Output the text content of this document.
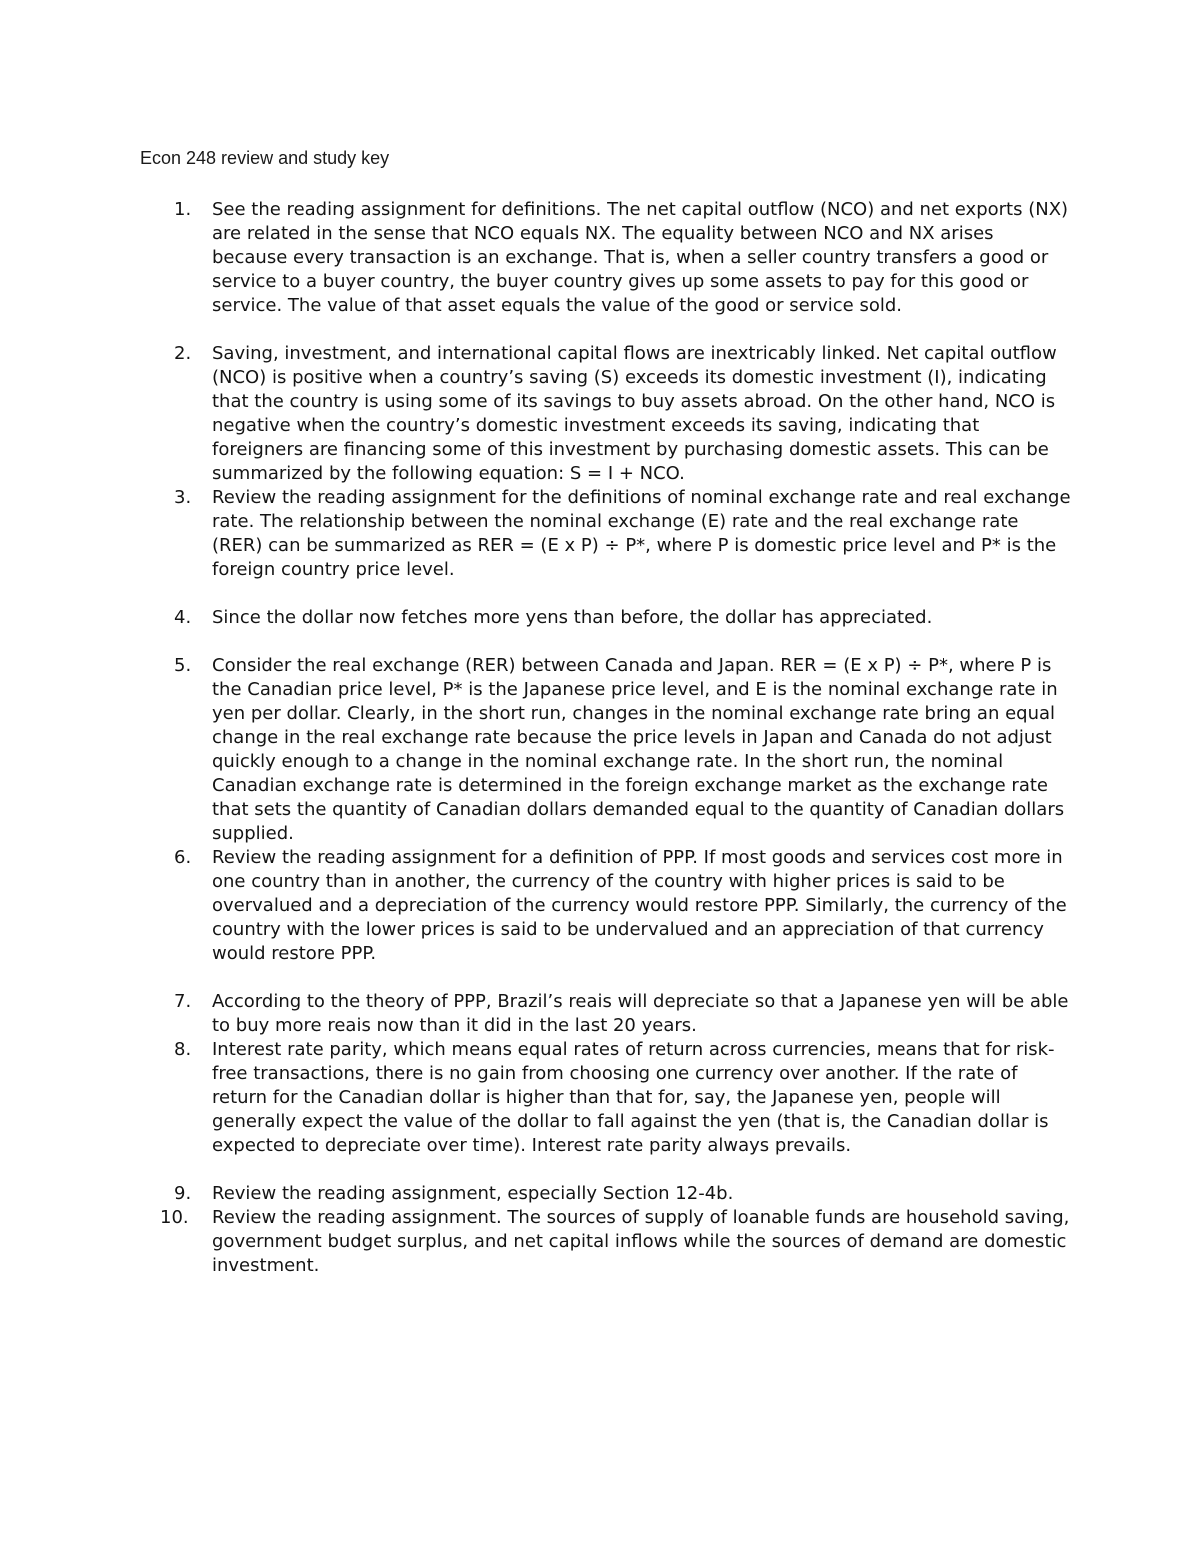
Econ 248 review and study key
1.	See the reading assignment for definitions. The net capital outflow (NCO) and net exports (NX) are related in the sense that NCO equals NX. The equality between NCO and NX arises because every transaction is an exchange. That is, when a seller country transfers a good or service to a buyer country, the buyer country gives up some assets to pay for this good or service. The value of that asset equals the value of the good or service sold.
2.	Saving, investment, and international capital flows are inextricably linked. Net capital outflow (NCO) is positive when a country’s saving (S) exceeds its domestic investment (I), indicating that the country is using some of its savings to buy assets abroad. On the other hand, NCO is negative when the country’s domestic investment exceeds its saving, indicating that foreigners are financing some of this investment by purchasing domestic assets. This can be summarized by the following equation: S = I + NCO.
3.	Review the reading assignment for the definitions of nominal exchange rate and real exchange rate. The relationship between the nominal exchange (E) rate and the real exchange rate (RER) can be summarized as RER = (E x P) ÷ P*, where P is domestic price level and P* is the foreign country price level.
4.	Since the dollar now fetches more yens than before, the dollar has appreciated.
5.	Consider the real exchange (RER) between Canada and Japan. RER = (E x P) ÷ P*, where P is the Canadian price level, P* is the Japanese price level, and E is the nominal exchange rate in yen per dollar. Clearly, in the short run, changes in the nominal exchange rate bring an equal change in the real exchange rate because the price levels in Japan and Canada do not adjust quickly enough to a change in the nominal exchange rate. In the short run, the nominal Canadian exchange rate is determined in the foreign exchange market as the exchange rate that sets the quantity of Canadian dollars demanded equal to the quantity of Canadian dollars supplied.
6.	Review the reading assignment for a definition of PPP. If most goods and services cost more in one country than in another, the currency of the country with higher prices is said to be overvalued and a depreciation of the currency would restore PPP. Similarly, the currency of the country with the lower prices is said to be undervalued and an appreciation of that currency would restore PPP.
7.	According to the theory of PPP, Brazil’s reais will depreciate so that a Japanese yen will be able to buy more reais now than it did in the last 20 years.
8.	Interest rate parity, which means equal rates of return across currencies, means that for risk-free transactions, there is no gain from choosing one currency over another. If the rate of return for the Canadian dollar is higher than that for, say, the Japanese yen, people will generally expect the value of the dollar to fall against the yen (that is, the Canadian dollar is expected to depreciate over time). Interest rate parity always prevails.
9.	Review the reading assignment, especially Section 12-4b.
10.	Review the reading assignment. The sources of supply of loanable funds are household saving, government budget surplus, and net capital inflows while the sources of demand are domestic investment.
